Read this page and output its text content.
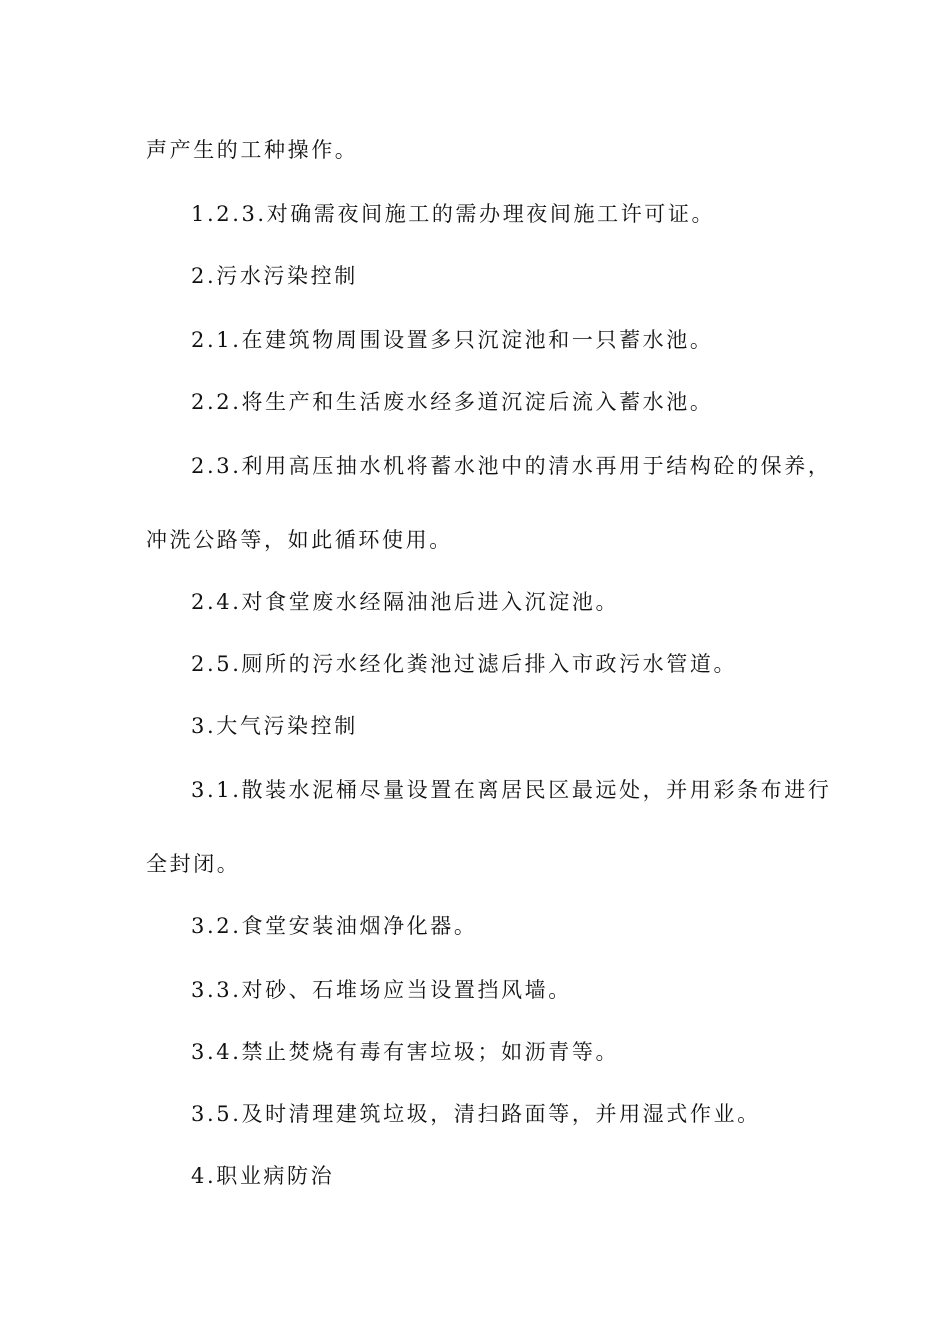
声产生的工种操作。
1.2.3.对确需夜间施工的需办理夜间施工许可证。
2.污水污染控制
2.1.在建筑物周围设置多只沉淀池和一只蓄水池。
2.2.将生产和生活废水经多道沉淀后流入蓄水池。
2.3.利用高压抽水机将蓄水池中的清水再用于结构砼的保养，
冲洗公路等，如此循环使用。
2.4.对食堂废水经隔油池后进入沉淀池。
2.5.厕所的污水经化粪池过滤后排入市政污水管道。
3.大气污染控制
3.1.散装水泥桶尽量设置在离居民区最远处，并用彩条布进行
全封闭。
3.2.食堂安装油烟净化器。
3.3.对砂、石堆场应当设置挡风墙。
3.4.禁止焚烧有毒有害垃圾；如沥青等。
3.5.及时清理建筑垃圾，清扫路面等，并用湿式作业。
4.职业病防治
